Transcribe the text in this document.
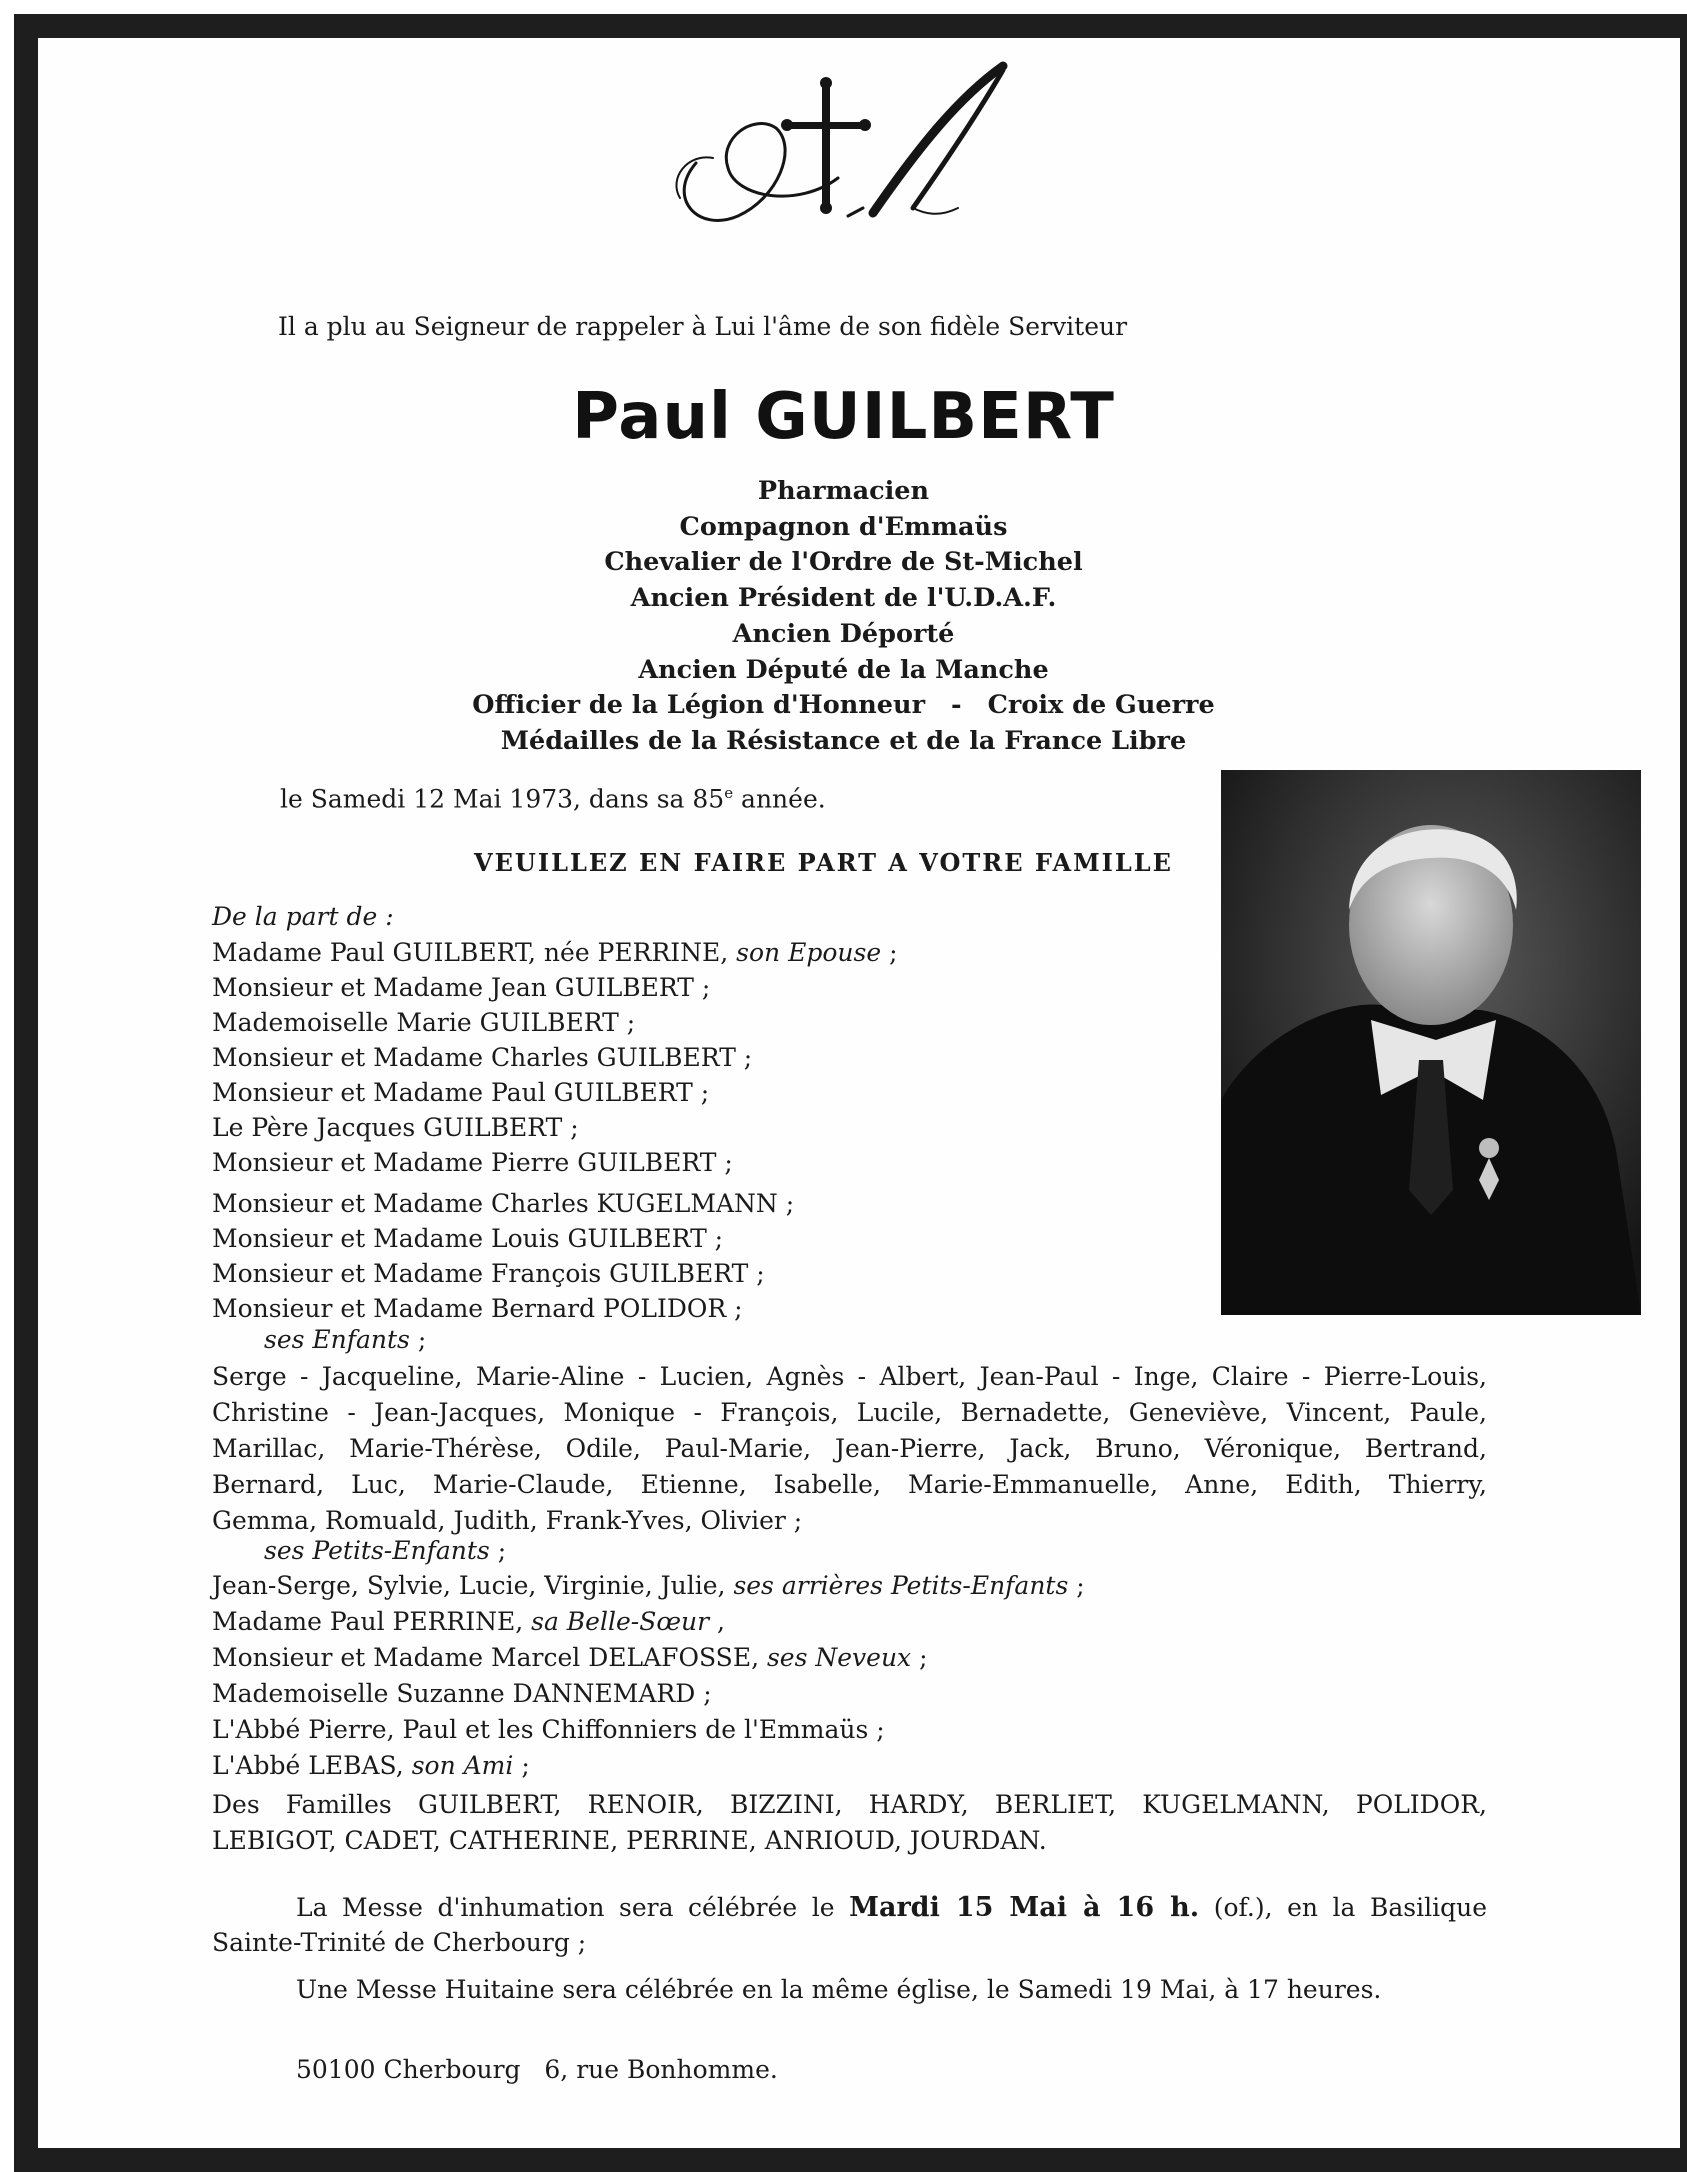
Il a plu au Seigneur de rappeler à Lui l'âme de son fidèle Serviteur
Paul GUILBERT
Pharmacien
Compagnon d'Emmaüs
Chevalier de l'Ordre de St-Michel
Ancien Président de l'U.D.A.F.
Ancien Déporté
Ancien Député de la Manche
Officier de la Légion d'Honneur - Croix de Guerre
Médailles de la Résistance et de la France Libre
le Samedi 12 Mai 1973, dans sa 85e année.
VEUILLEZ EN FAIRE PART A VOTRE FAMILLE
De la part de :
Madame Paul GUILBERT, née PERRINE, son Epouse ;
Monsieur et Madame Jean GUILBERT ;
Mademoiselle Marie GUILBERT ;
Monsieur et Madame Charles GUILBERT ;
Monsieur et Madame Paul GUILBERT ;
Le Père Jacques GUILBERT ;
Monsieur et Madame Pierre GUILBERT ;
Monsieur et Madame Charles KUGELMANN ;
Monsieur et Madame Louis GUILBERT ;
Monsieur et Madame François GUILBERT ;
Monsieur et Madame Bernard POLIDOR ;
ses Enfants ;
Serge - Jacqueline, Marie-Aline - Lucien, Agnès - Albert, Jean-Paul - Inge, Claire - Pierre-Louis,
Christine - Jean-Jacques, Monique - François, Lucile, Bernadette, Geneviève, Vincent, Paule,
Marillac, Marie-Thérèse, Odile, Paul-Marie, Jean-Pierre, Jack, Bruno, Véronique, Bertrand,
Bernard, Luc, Marie-Claude, Etienne, Isabelle, Marie-Emmanuelle, Anne, Edith, Thierry,
Gemma, Romuald, Judith, Frank-Yves, Olivier ;
ses Petits-Enfants ;
Jean-Serge, Sylvie, Lucie, Virginie, Julie, ses arrières Petits-Enfants ;
Madame Paul PERRINE, sa Belle-Sœur ,
Monsieur et Madame Marcel DELAFOSSE, ses Neveux ;
Mademoiselle Suzanne DANNEMARD ;
L'Abbé Pierre, Paul et les Chiffonniers de l'Emmaüs ;
L'Abbé LEBAS, son Ami ;
Des Familles GUILBERT, RENOIR, BIZZINI, HARDY, BERLIET, KUGELMANN, POLIDOR,
LEBIGOT, CADET, CATHERINE, PERRINE, ANRIOUD, JOURDAN.
La Messe d'inhumation sera célébrée le Mardi 15 Mai à 16 h. (of.), en la Basilique
Sainte-Trinité de Cherbourg ;
Une Messe Huitaine sera célébrée en la même église, le Samedi 19 Mai, à 17 heures.
50100 Cherbourg   6, rue Bonhomme.
